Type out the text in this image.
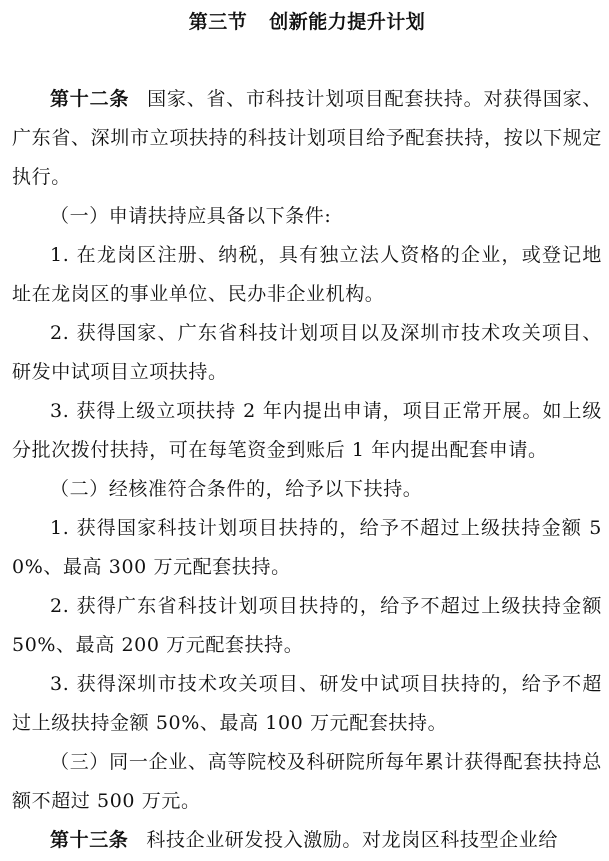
第三节 创新能力提升计划

第十二条 国家、省、市科技计划项目配套扶持。对获得国家、广东省、深圳市立项扶持的科技计划项目给予配套扶持，按以下规定执行。

（一）申请扶持应具备以下条件:

1. 在龙岗区注册、纳税，具有独立法人资格的企业，或登记地址在龙岗区的事业单位、民办非企业机构。

2. 获得国家、广东省科技计划项目以及深圳市技术攻关项目、研发中试项目立项扶持。

3. 获得上级立项扶持 2 年内提出申请，项目正常开展。如上级分批次拨付扶持，可在每笔资金到账后 1 年内提出配套申请。

（二）经核准符合条件的，给予以下扶持。

1. 获得国家科技计划项目扶持的，给予不超过上级扶持金额 50%、最高 300 万元配套扶持。

2. 获得广东省科技计划项目扶持的，给予不超过上级扶持金额 50%、最高 200 万元配套扶持。

3. 获得深圳市技术攻关项目、研发中试项目扶持的，给予不超过上级扶持金额 50%、最高 100 万元配套扶持。

（三）同一企业、高等院校及科研院所每年累计获得配套扶持总额不超过 500 万元。

第十三条 科技企业研发投入激励。对龙岗区科技型企业给
